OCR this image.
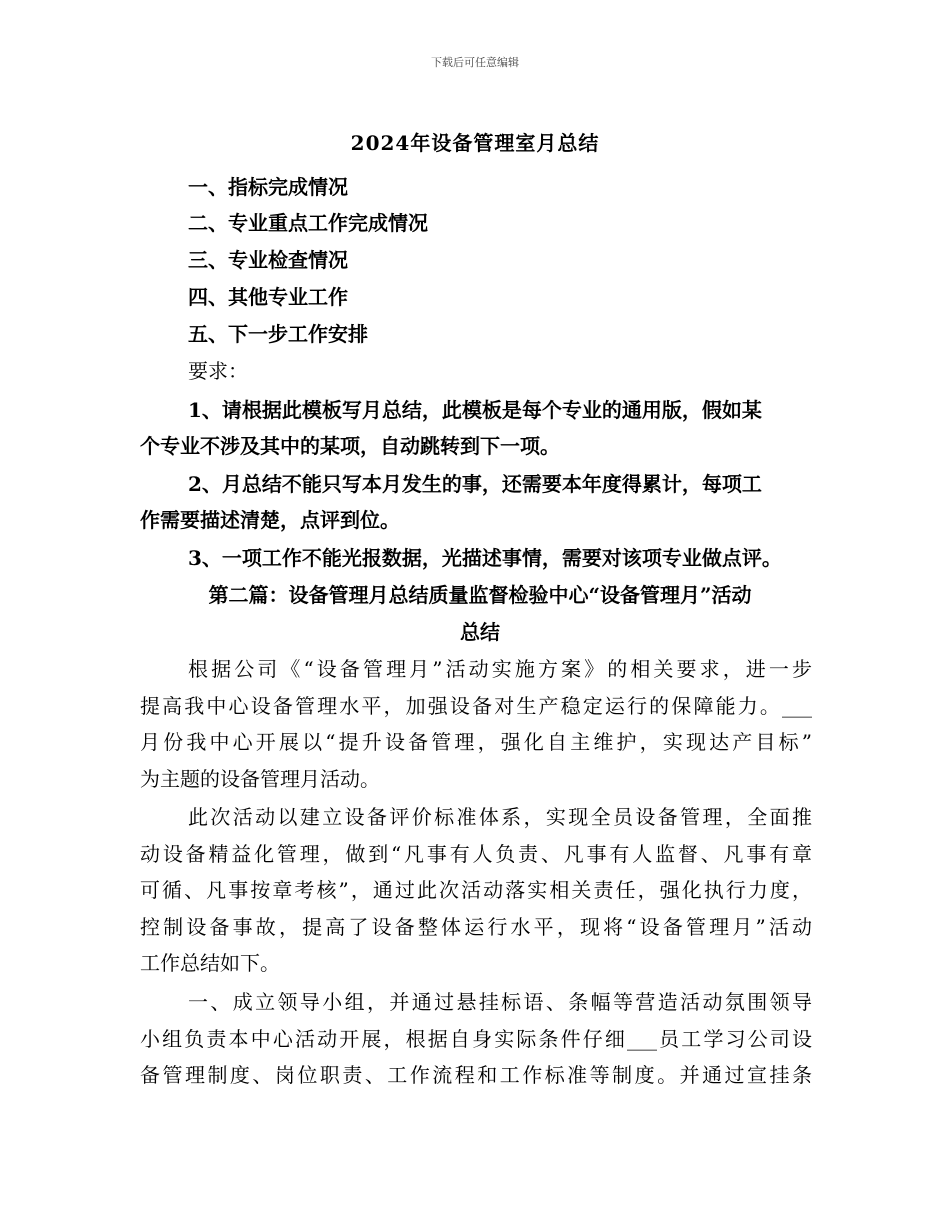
下载后可任意编辑
2024年设备管理室月总结
一、指标完成情况
二、专业重点工作完成情况
三、专业检查情况
四、其他专业工作
五、下一步工作安排
要求：
1、请根据此模板写月总结，此模板是每个专业的通用版，假如某
个专业不涉及其中的某项，自动跳转到下一项。
2、月总结不能只写本月发生的事，还需要本年度得累计，每项工
作需要描述清楚，点评到位。
3、一项工作不能光报数据，光描述事情，需要对该项专业做点评。
第二篇：设备管理月总结质量监督检验中心“设备管理月”活动
总结
根据公司《“设备管理月”活动实施方案》的相关要求，进一步
提高我中心设备管理水平，加强设备对生产稳定运行的保障能力。___
月份我中心开展以“提升设备管理，强化自主维护，实现达产目标”
为主题的设备管理月活动。
此次活动以建立设备评价标准体系，实现全员设备管理，全面推
动设备精益化管理，做到“凡事有人负责、凡事有人监督、凡事有章
可循、凡事按章考核”，通过此次活动落实相关责任，强化执行力度，
控制设备事故，提高了设备整体运行水平，现将“设备管理月”活动
工作总结如下。
一、成立领导小组，并通过悬挂标语、条幅等营造活动氛围领导
小组负责本中心活动开展，根据自身实际条件仔细___员工学习公司设
备管理制度、岗位职责、工作流程和工作标准等制度。并通过宣挂条
